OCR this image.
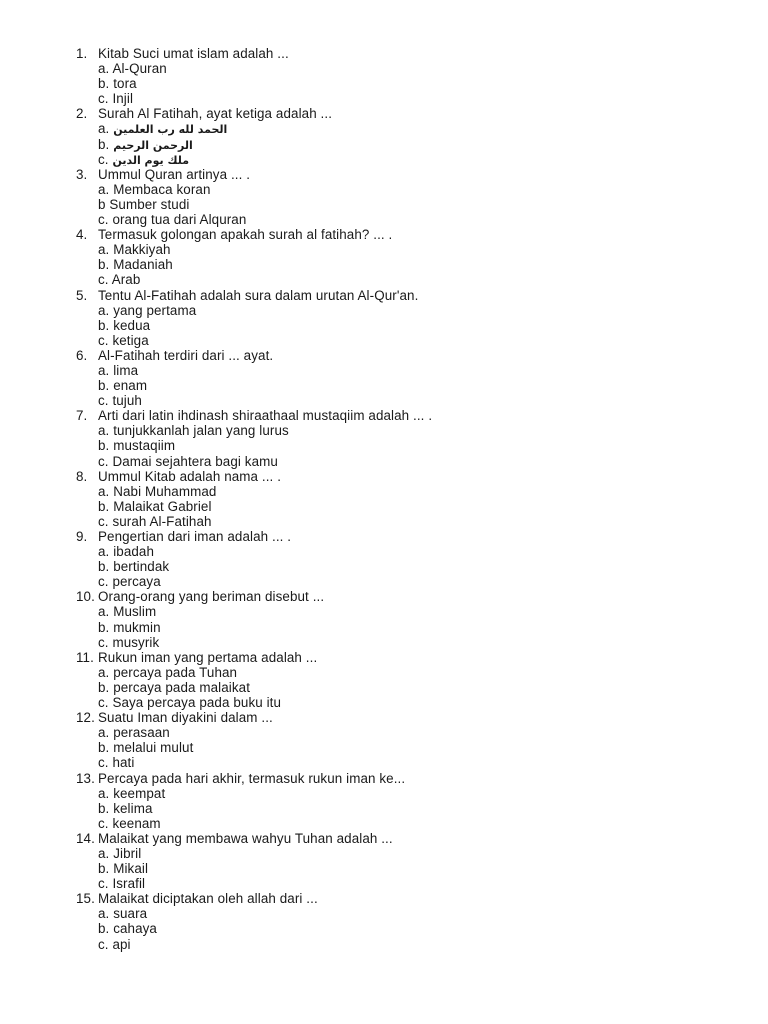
1. Kitab Suci umat islam adalah ...
a. Al-Quran
b. tora
c. Injil
2. Surah Al Fatihah, ayat ketiga adalah ...
a. الحمد لله رب العلمين
b. الرحمن الرحيم
c. ملك يوم الدين
3. Ummul Quran artinya ... .
a. Membaca koran
b Sumber studi
c. orang tua dari Alquran
4. Termasuk golongan apakah surah al fatihah? ... .
a. Makkiyah
b. Madaniah
c. Arab
5. Tentu Al-Fatihah adalah sura dalam urutan Al-Qur'an.
a. yang pertama
b. kedua
c. ketiga
6. Al-Fatihah terdiri dari ... ayat.
a. lima
b. enam
c. tujuh
7. Arti dari latin ihdinash shiraathaal mustaqiim adalah ... .
a. tunjukkanlah jalan yang lurus
b. mustaqiim
c. Damai sejahtera bagi kamu
8. Ummul Kitab adalah nama ... .
a. Nabi Muhammad
b. Malaikat Gabriel
c. surah Al-Fatihah
9. Pengertian dari iman adalah ... .
a. ibadah
b. bertindak
c. percaya
10. Orang-orang yang beriman disebut ...
a. Muslim
b. mukmin
c. musyrik
11. Rukun iman yang pertama adalah ...
a. percaya pada Tuhan
b. percaya pada malaikat
c. Saya percaya pada buku itu
12. Suatu Iman diyakini dalam ...
a. perasaan
b. melalui mulut
c. hati
13. Percaya pada hari akhir, termasuk rukun iman ke...
a. keempat
b. kelima
c. keenam
14. Malaikat yang membawa wahyu Tuhan adalah ...
a. Jibril
b. Mikail
c. Israfil
15. Malaikat diciptakan oleh allah dari ...
a. suara
b. cahaya
c. api
